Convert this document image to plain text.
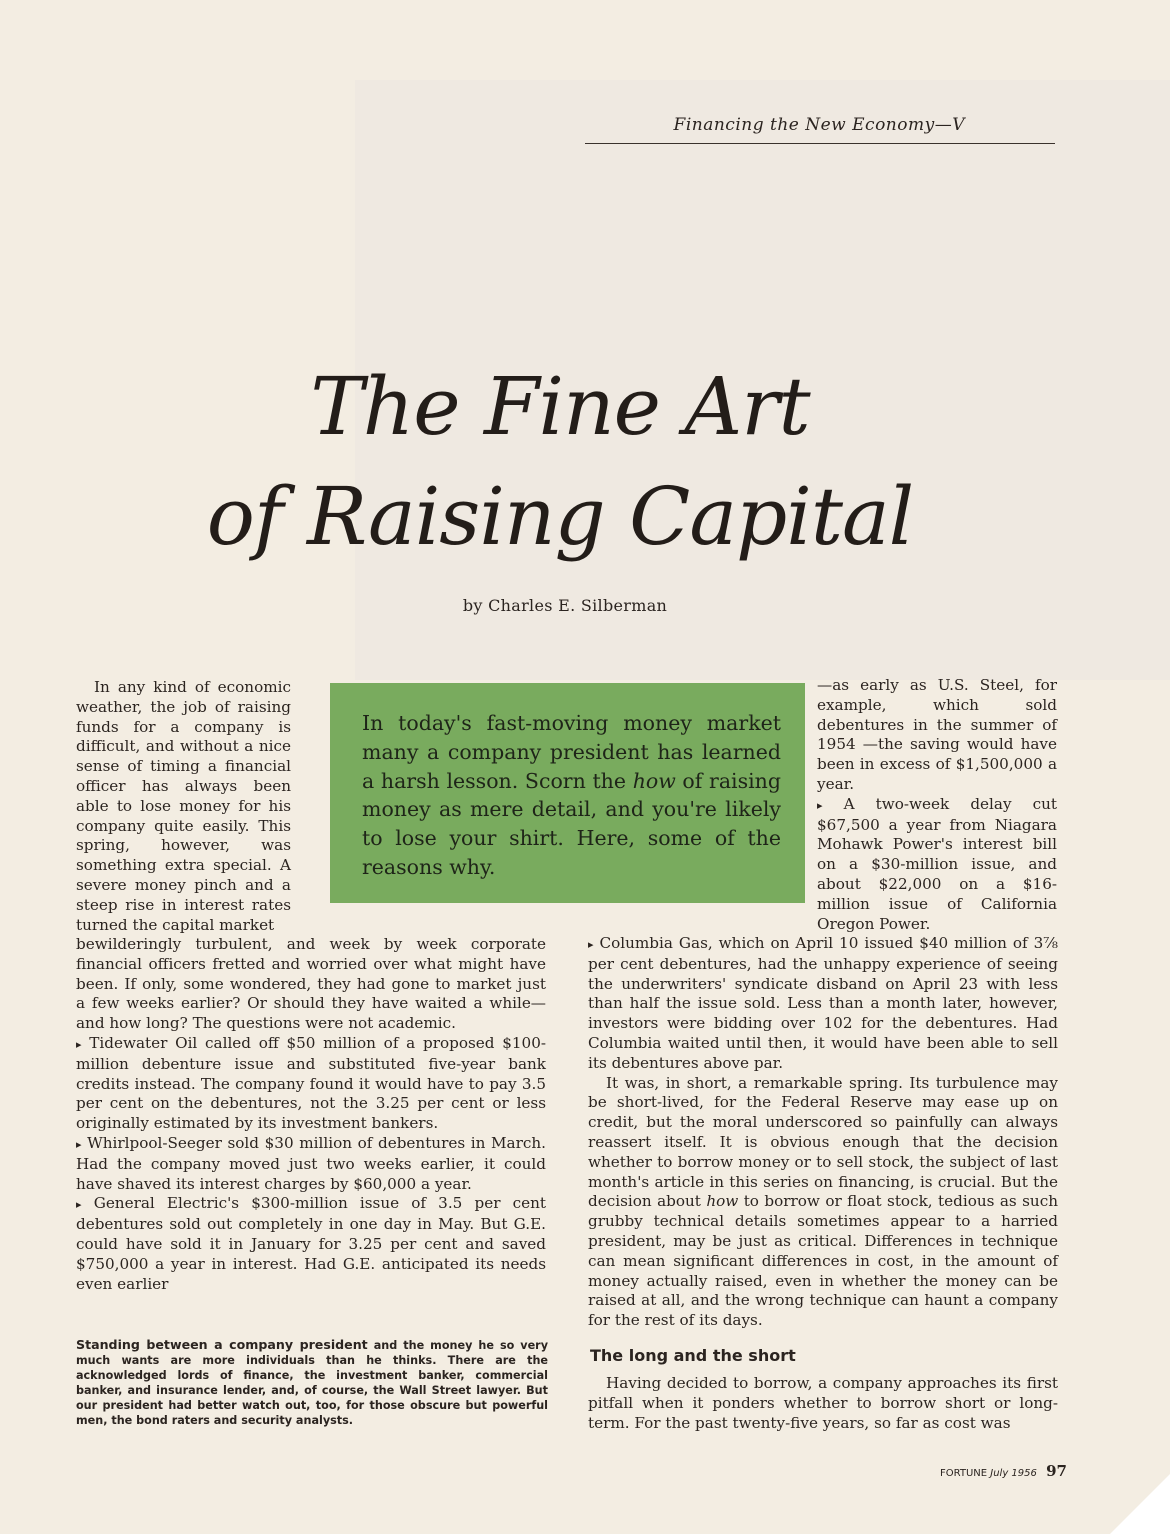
Financing the New Economy—V
The Fine Art
of Raising Capital
by Charles E. Silberman

In any kind of economic weather, the job of raising funds for a company is difficult, and without a nice sense of timing a financial officer has always been able to lose money for his company quite easily. This spring, however, was something extra special. A severe money pinch and a steep rise in interest rates turned the capital market

In today's fast-moving money market many a company president has learned a harsh lesson. Scorn the how of raising money as mere detail, and you're likely to lose your shirt. Here, some of the reasons why.

—as early as U.S. Steel, for example, which sold debentures in the summer of 1954 —the saving would have been in excess of $1,500,000 a year.

▸ A two-week delay cut $67,500 a year from Niagara Mohawk Power's interest bill on a $30-million issue, and about $22,000 on a $16-million issue of California Oregon Power.

bewilderingly turbulent, and week by week corporate financial officers fretted and worried over what might have been. If only, some wondered, they had gone to market just a few weeks earlier? Or should they have waited a while—and how long? The questions were not academic.

▸ Tidewater Oil called off $50 million of a proposed $100-million debenture issue and substituted five-year bank credits instead. The company found it would have to pay 3.5 per cent on the debentures, not the 3.25 per cent or less originally estimated by its investment bankers.

▸ Whirlpool-Seeger sold $30 million of debentures in March. Had the company moved just two weeks earlier, it could have shaved its interest charges by $60,000 a year.

▸ General Electric's $300-million issue of 3.5 per cent debentures sold out completely in one day in May. But G.E. could have sold it in January for 3.25 per cent and saved $750,000 a year in interest. Had G.E. anticipated its needs even earlier

▸ Columbia Gas, which on April 10 issued $40 million of 3⅞ per cent debentures, had the unhappy experience of seeing the underwriters' syndicate disband on April 23 with less than half the issue sold. Less than a month later, however, investors were bidding over 102 for the debentures. Had Columbia waited until then, it would have been able to sell its debentures above par.

It was, in short, a remarkable spring. Its turbulence may be short-lived, for the Federal Reserve may ease up on credit, but the moral underscored so painfully can always reassert itself. It is obvious enough that the decision whether to borrow money or to sell stock, the subject of last month's article in this series on financing, is crucial. But the decision about how to borrow or float stock, tedious as such grubby technical details sometimes appear to a harried president, may be just as critical. Differences in technique can mean significant differences in cost, in the amount of money actually raised, even in whether the money can be raised at all, and the wrong technique can haunt a company for the rest of its days.

The long and the short

Having decided to borrow, a company approaches its first pitfall when it ponders whether to borrow short or long-term. For the past twenty-five years, so far as cost was

Standing between a company president and the money he so very much wants are more individuals than he thinks. There are the acknowledged lords of finance, the investment banker, commercial banker, and insurance lender, and, of course, the Wall Street lawyer. But our president had better watch out, too, for those obscure but powerful men, the bond raters and security analysts.
FORTUNE July 1956 97
